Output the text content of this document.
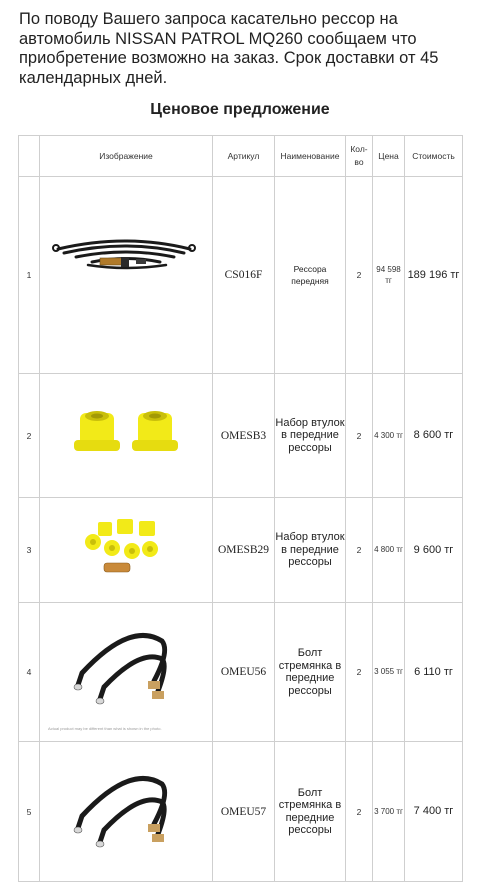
По поводу Вашего запроса касательно рессор на автомобиль NISSAN PATROL MQ260 сообщаем что приобретение возможно на заказ. Срок доставки от 45 календарных дней.
Ценовое предложение
	Изображение	Артикул	Наименование	Кол-во	Цена	Стоимость
1		CS016F	Рессора передняя	2	94 598 тг	189 196 тг
2		OMESB3	Набор втулок в передние рессоры	2	4 300 тг	8 600 тг
3		OMESB29	Набор втулок в передние рессоры	2	4 800 тг	9 600 тг
4	Actual product may be different than what is shown in the photo.	OMEU56	Болт стремянка в передние рессоры	2	3 055 тг	6 110 тг
5		OMEU57	Болт стремянка в передние рессоры	2	3 700 тг	7 400 тг
